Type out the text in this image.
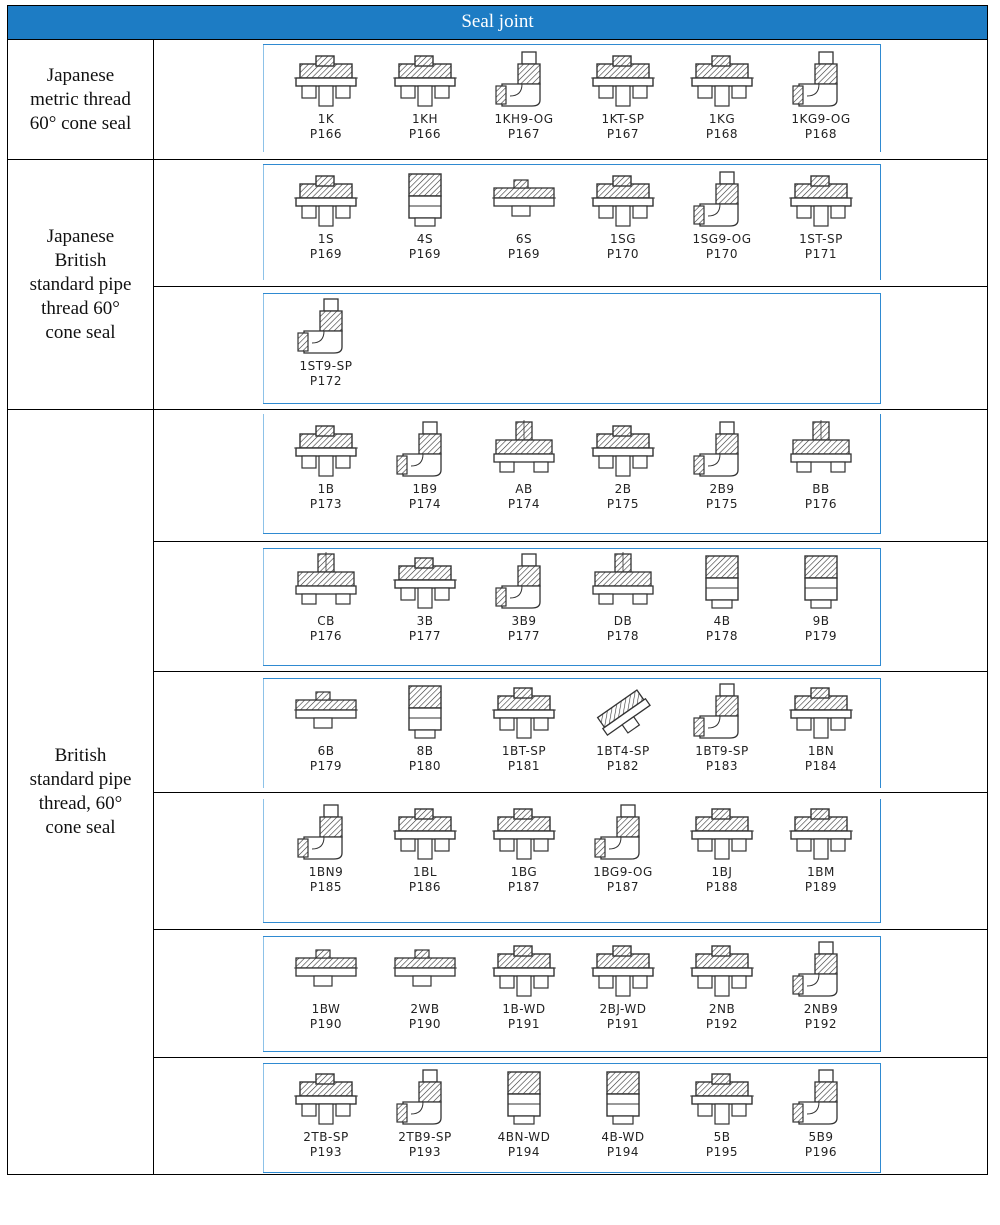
Seal joint
Japanese
metric thread
60° cone seal
Japanese
British
standard pipe
thread 60°
cone seal
British
standard pipe
thread, 60°
cone seal
1K
P166
1KH
P166
1KH9-OG
P167
1KT-SP
P167
1KG
P168
1KG9-OG
P168
1S
P169
4S
P169
6S
P169
1SG
P170
1SG9-OG
P170
1ST-SP
P171
1ST9-SP
P172
1B
P173
1B9
P174
AB
P174
2B
P175
2B9
P175
BB
P176
CB
P176
3B
P177
3B9
P177
DB
P178
4B
P178
9B
P179
6B
P179
8B
P180
1BT-SP
P181
1BT4-SP
P182
1BT9-SP
P183
1BN
P184
1BN9
P185
1BL
P186
1BG
P187
1BG9-OG
P187
1BJ
P188
1BM
P189
1BW
P190
2WB
P190
1B-WD
P191
2BJ-WD
P191
2NB
P192
2NB9
P192
2TB-SP
P193
2TB9-SP
P193
4BN-WD
P194
4B-WD
P194
5B
P195
5B9
P196
